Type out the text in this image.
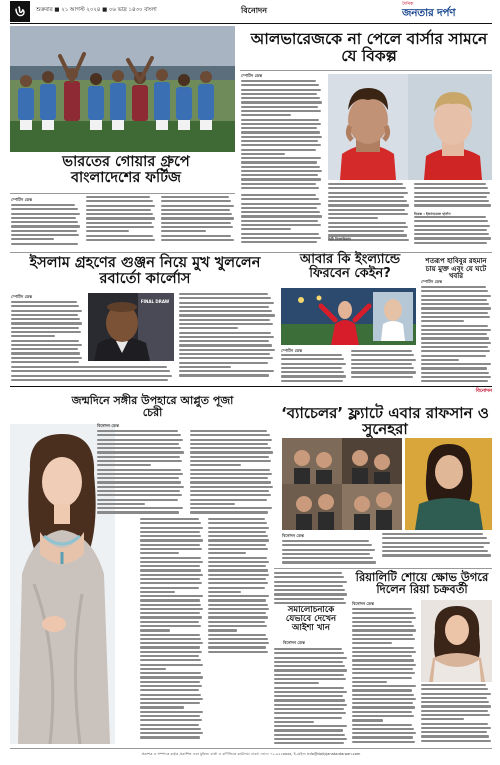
৬	শুক্রবার ■ ২১ আগস্ট ২০২৪ ■ ০৬ ভাদ্র ১৪৩০ বাংলা	বিনোদন
দৈনিক
জনতার দর্পণ
ভারতের গোয়ার গ্রুপে বাংলাদেশের ফর্টিজ
স্পোর্টস ডেস্ক
আলভারেজকে না পেলে বার্সার সামনে যে বিকল্প
স্পোর্টস ডেস্ক
বিকল্প : ইভানডেজ হার্নান
চিঠি নিজারিয়ান
ইসলাম গ্রহণের গুঞ্জন নিয়ে মুখ খুললেন রবার্তো কার্লোস
স্পোর্টস ডেস্ক
FINAL DRAW
আবার কি ইংল্যান্ডে ফিরবেন কেইন?
স্পোর্টস ডেস্ক
শতরূপ হাবিবুর রহমান চায় মুক্ত এবং যে ঘটে খবরি
স্পোর্টস ডেস্ক
বিনোদন
জন্মদিনে সঙ্গীর উপহারে আপ্লুত পূজা চেরী
বিনোদন ডেস্ক
‘ব্যাচেলর’ ফ্ল্যাটে এবার রাফসান ও সুনেহরা
বিনোদন ডেস্ক
সমালোচনাকে যেভাবে দেখেন আইশা খান
বিনোদন ডেস্ক
রিয়ালিটি শোয়ে ক্ষোভ উগরে দিলেন রিয়া চক্রবর্তী
বিনোদন ডেস্ক
প্রকাশক ও সম্পাদক কর্তৃক প্রকাশিত এবং মুদ্রিত। বার্তা ও বাণিজ্যিক কার্যালয়: ঢাকা। ফোন: ০২-৯৫৫xxxx, ই-মেইল: info@dailyjanatardarpan.com
